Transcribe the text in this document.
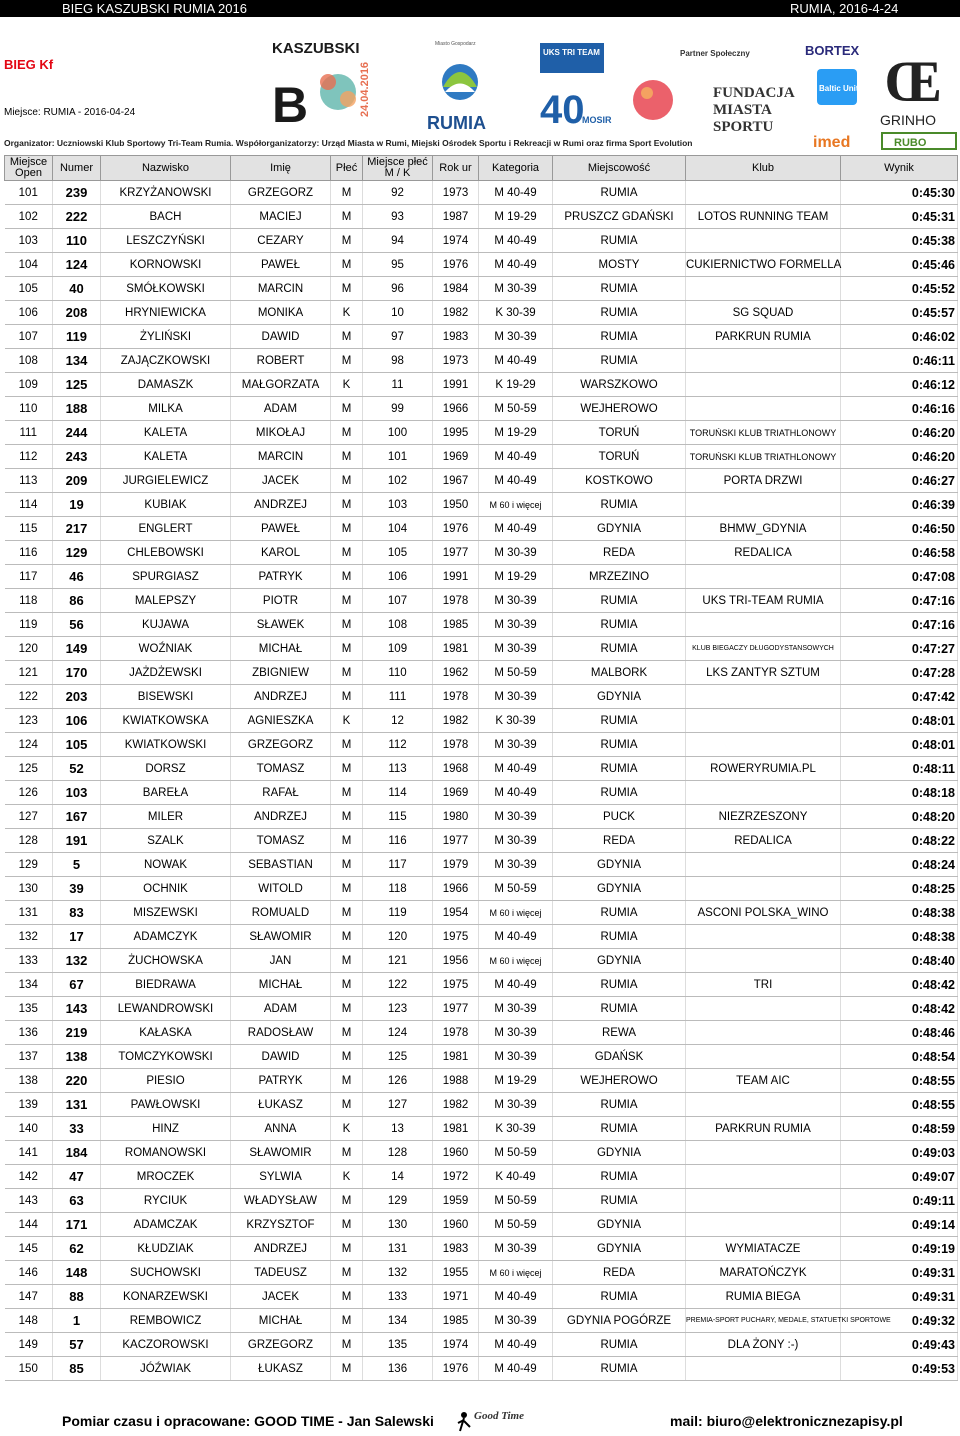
BIEG KASZUBSKI RUMIA 2016	RUMIA, 2016-4-24
BIEG Kf
Miejsce: RUMIA - 2016-04-24
KASZUBSKI
B	24.04.2016
Miasto Gospodarz
RUMIA
UKS TRI TEAM
40
MOSIR
Partner Społeczny
FUNDACJA
MIASTA
SPORTU
BORTEX
Baltic United
imed
Œ
GRINHO
RUBO
Organizator: Uczniowski Klub Sportowy Tri-Team Rumia. Współorganizatorzy: Urząd Miasta w Rumi, Miejski Ośrodek Sportu i Rekreacji w Rumi oraz firma Sport Evolution
Miejsce Open	Numer	Nazwisko	Imię	Płeć	Miejsce płeć M / K	Rok ur	Kategoria	Miejscowość	Klub	Wynik
101	239	KRZYŻANOWSKI	GRZEGORZ	M	92	1973	M 40-49	RUMIA		0:45:30
102	222	BACH	MACIEJ	M	93	1987	M 19-29	PRUSZCZ GDAŃSKI	LOTOS RUNNING TEAM	0:45:31
103	110	LESZCZYŃSKI	CEZARY	M	94	1974	M 40-49	RUMIA		0:45:38
104	124	KORNOWSKI	PAWEŁ	M	95	1976	M 40-49	MOSTY	CUKIERNICTWO FORMELLA	0:45:46
105	40	SMÓŁKOWSKI	MARCIN	M	96	1984	M 30-39	RUMIA		0:45:52
106	208	HRYNIEWICKA	MONIKA	K	10	1982	K 30-39	RUMIA	SG SQUAD	0:45:57
107	119	ŻYLIŃSKI	DAWID	M	97	1983	M 30-39	RUMIA	PARKRUN RUMIA	0:46:02
108	134	ZAJĄCZKOWSKI	ROBERT	M	98	1973	M 40-49	RUMIA		0:46:11
109	125	DAMASZK	MAŁGORZATA	K	11	1991	K 19-29	WARSZKOWO		0:46:12
110	188	MILKA	ADAM	M	99	1966	M 50-59	WEJHEROWO		0:46:16
111	244	KALETA	MIKOŁAJ	M	100	1995	M 19-29	TORUŃ	TORUŃSKI KLUB TRIATHLONOWY	0:46:20
112	243	KALETA	MARCIN	M	101	1969	M 40-49	TORUŃ	TORUŃSKI KLUB TRIATHLONOWY	0:46:20
113	209	JURGIELEWICZ	JACEK	M	102	1967	M 40-49	KOSTKOWO	PORTA DRZWI	0:46:27
114	19	KUBIAK	ANDRZEJ	M	103	1950	M 60 i więcej	RUMIA		0:46:39
115	217	ENGLERT	PAWEŁ	M	104	1976	M 40-49	GDYNIA	BHMW_GDYNIA	0:46:50
116	129	CHLEBOWSKI	KAROL	M	105	1977	M 30-39	REDA	REDALICA	0:46:58
117	46	SPURGIASZ	PATRYK	M	106	1991	M 19-29	MRZEZINO		0:47:08
118	86	MALEPSZY	PIOTR	M	107	1978	M 30-39	RUMIA	UKS TRI-TEAM RUMIA	0:47:16
119	56	KUJAWA	SŁAWEK	M	108	1985	M 30-39	RUMIA		0:47:16
120	149	WOŹNIAK	MICHAŁ	M	109	1981	M 30-39	RUMIA	KLUB BIEGACZY DŁUGODYSTANSOWYCH	0:47:27
121	170	JAŻDŻEWSKI	ZBIGNIEW	M	110	1962	M 50-59	MALBORK	LKS ZANTYR SZTUM	0:47:28
122	203	BISEWSKI	ANDRZEJ	M	111	1978	M 30-39	GDYNIA		0:47:42
123	106	KWIATKOWSKA	AGNIESZKA	K	12	1982	K 30-39	RUMIA		0:48:01
124	105	KWIATKOWSKI	GRZEGORZ	M	112	1978	M 30-39	RUMIA		0:48:01
125	52	DORSZ	TOMASZ	M	113	1968	M 40-49	RUMIA	ROWERYRUMIA.PL	0:48:11
126	103	BAREŁA	RAFAŁ	M	114	1969	M 40-49	RUMIA		0:48:18
127	167	MILER	ANDRZEJ	M	115	1980	M 30-39	PUCK	NIEZRZESZONY	0:48:20
128	191	SZALK	TOMASZ	M	116	1977	M 30-39	REDA	REDALICA	0:48:22
129	5	NOWAK	SEBASTIAN	M	117	1979	M 30-39	GDYNIA		0:48:24
130	39	OCHNIK	WITOLD	M	118	1966	M 50-59	GDYNIA		0:48:25
131	83	MISZEWSKI	ROMUALD	M	119	1954	M 60 i więcej	RUMIA	ASCONI POLSKA_WINO	0:48:38
132	17	ADAMCZYK	SŁAWOMIR	M	120	1975	M 40-49	RUMIA		0:48:38
133	132	ŻUCHOWSKA	JAN	M	121	1956	M 60 i więcej	GDYNIA		0:48:40
134	67	BIEDRAWA	MICHAŁ	M	122	1975	M 40-49	RUMIA	TRI	0:48:42
135	143	LEWANDROWSKI	ADAM	M	123	1977	M 30-39	RUMIA		0:48:42
136	219	KAŁASKA	RADOSŁAW	M	124	1978	M 30-39	REWA		0:48:46
137	138	TOMCZYKOWSKI	DAWID	M	125	1981	M 30-39	GDAŃSK		0:48:54
138	220	PIESIO	PATRYK	M	126	1988	M 19-29	WEJHEROWO	TEAM AIC	0:48:55
139	131	PAWŁOWSKI	ŁUKASZ	M	127	1982	M 30-39	RUMIA		0:48:55
140	33	HINZ	ANNA	K	13	1981	K 30-39	RUMIA	PARKRUN RUMIA	0:48:59
141	184	ROMANOWSKI	SŁAWOMIR	M	128	1960	M 50-59	GDYNIA		0:49:03
142	47	MROCZEK	SYLWIA	K	14	1972	K 40-49	RUMIA		0:49:07
143	63	RYCIUK	WŁADYSŁAW	M	129	1959	M 50-59	RUMIA		0:49:11
144	171	ADAMCZAK	KRZYSZTOF	M	130	1960	M 50-59	GDYNIA		0:49:14
145	62	KŁUDZIAK	ANDRZEJ	M	131	1983	M 30-39	GDYNIA	WYMIATACZE	0:49:19
146	148	SUCHOWSKI	TADEUSZ	M	132	1955	M 60 i więcej	REDA	MARATOŃCZYK	0:49:31
147	88	KONARZEWSKI	JACEK	M	133	1971	M 40-49	RUMIA	RUMIA BIEGA	0:49:31
148	1	REMBOWICZ	MICHAŁ	M	134	1985	M 30-39	GDYNIA POGÓRZE	PREMIA-SPORT PUCHARY, MEDALE, STATUETKI SPORTOWE	0:49:32
149	57	KACZOROWSKI	GRZEGORZ	M	135	1974	M 40-49	RUMIA	DLA ŻONY :-)	0:49:43
150	85	JÓŹWIAK	ŁUKASZ	M	136	1976	M 40-49	RUMIA		0:49:53
Pomiar czasu i opracowane: GOOD TIME - Jan Salewski	Good Time	mail: biuro@elektronicznezapisy.pl
